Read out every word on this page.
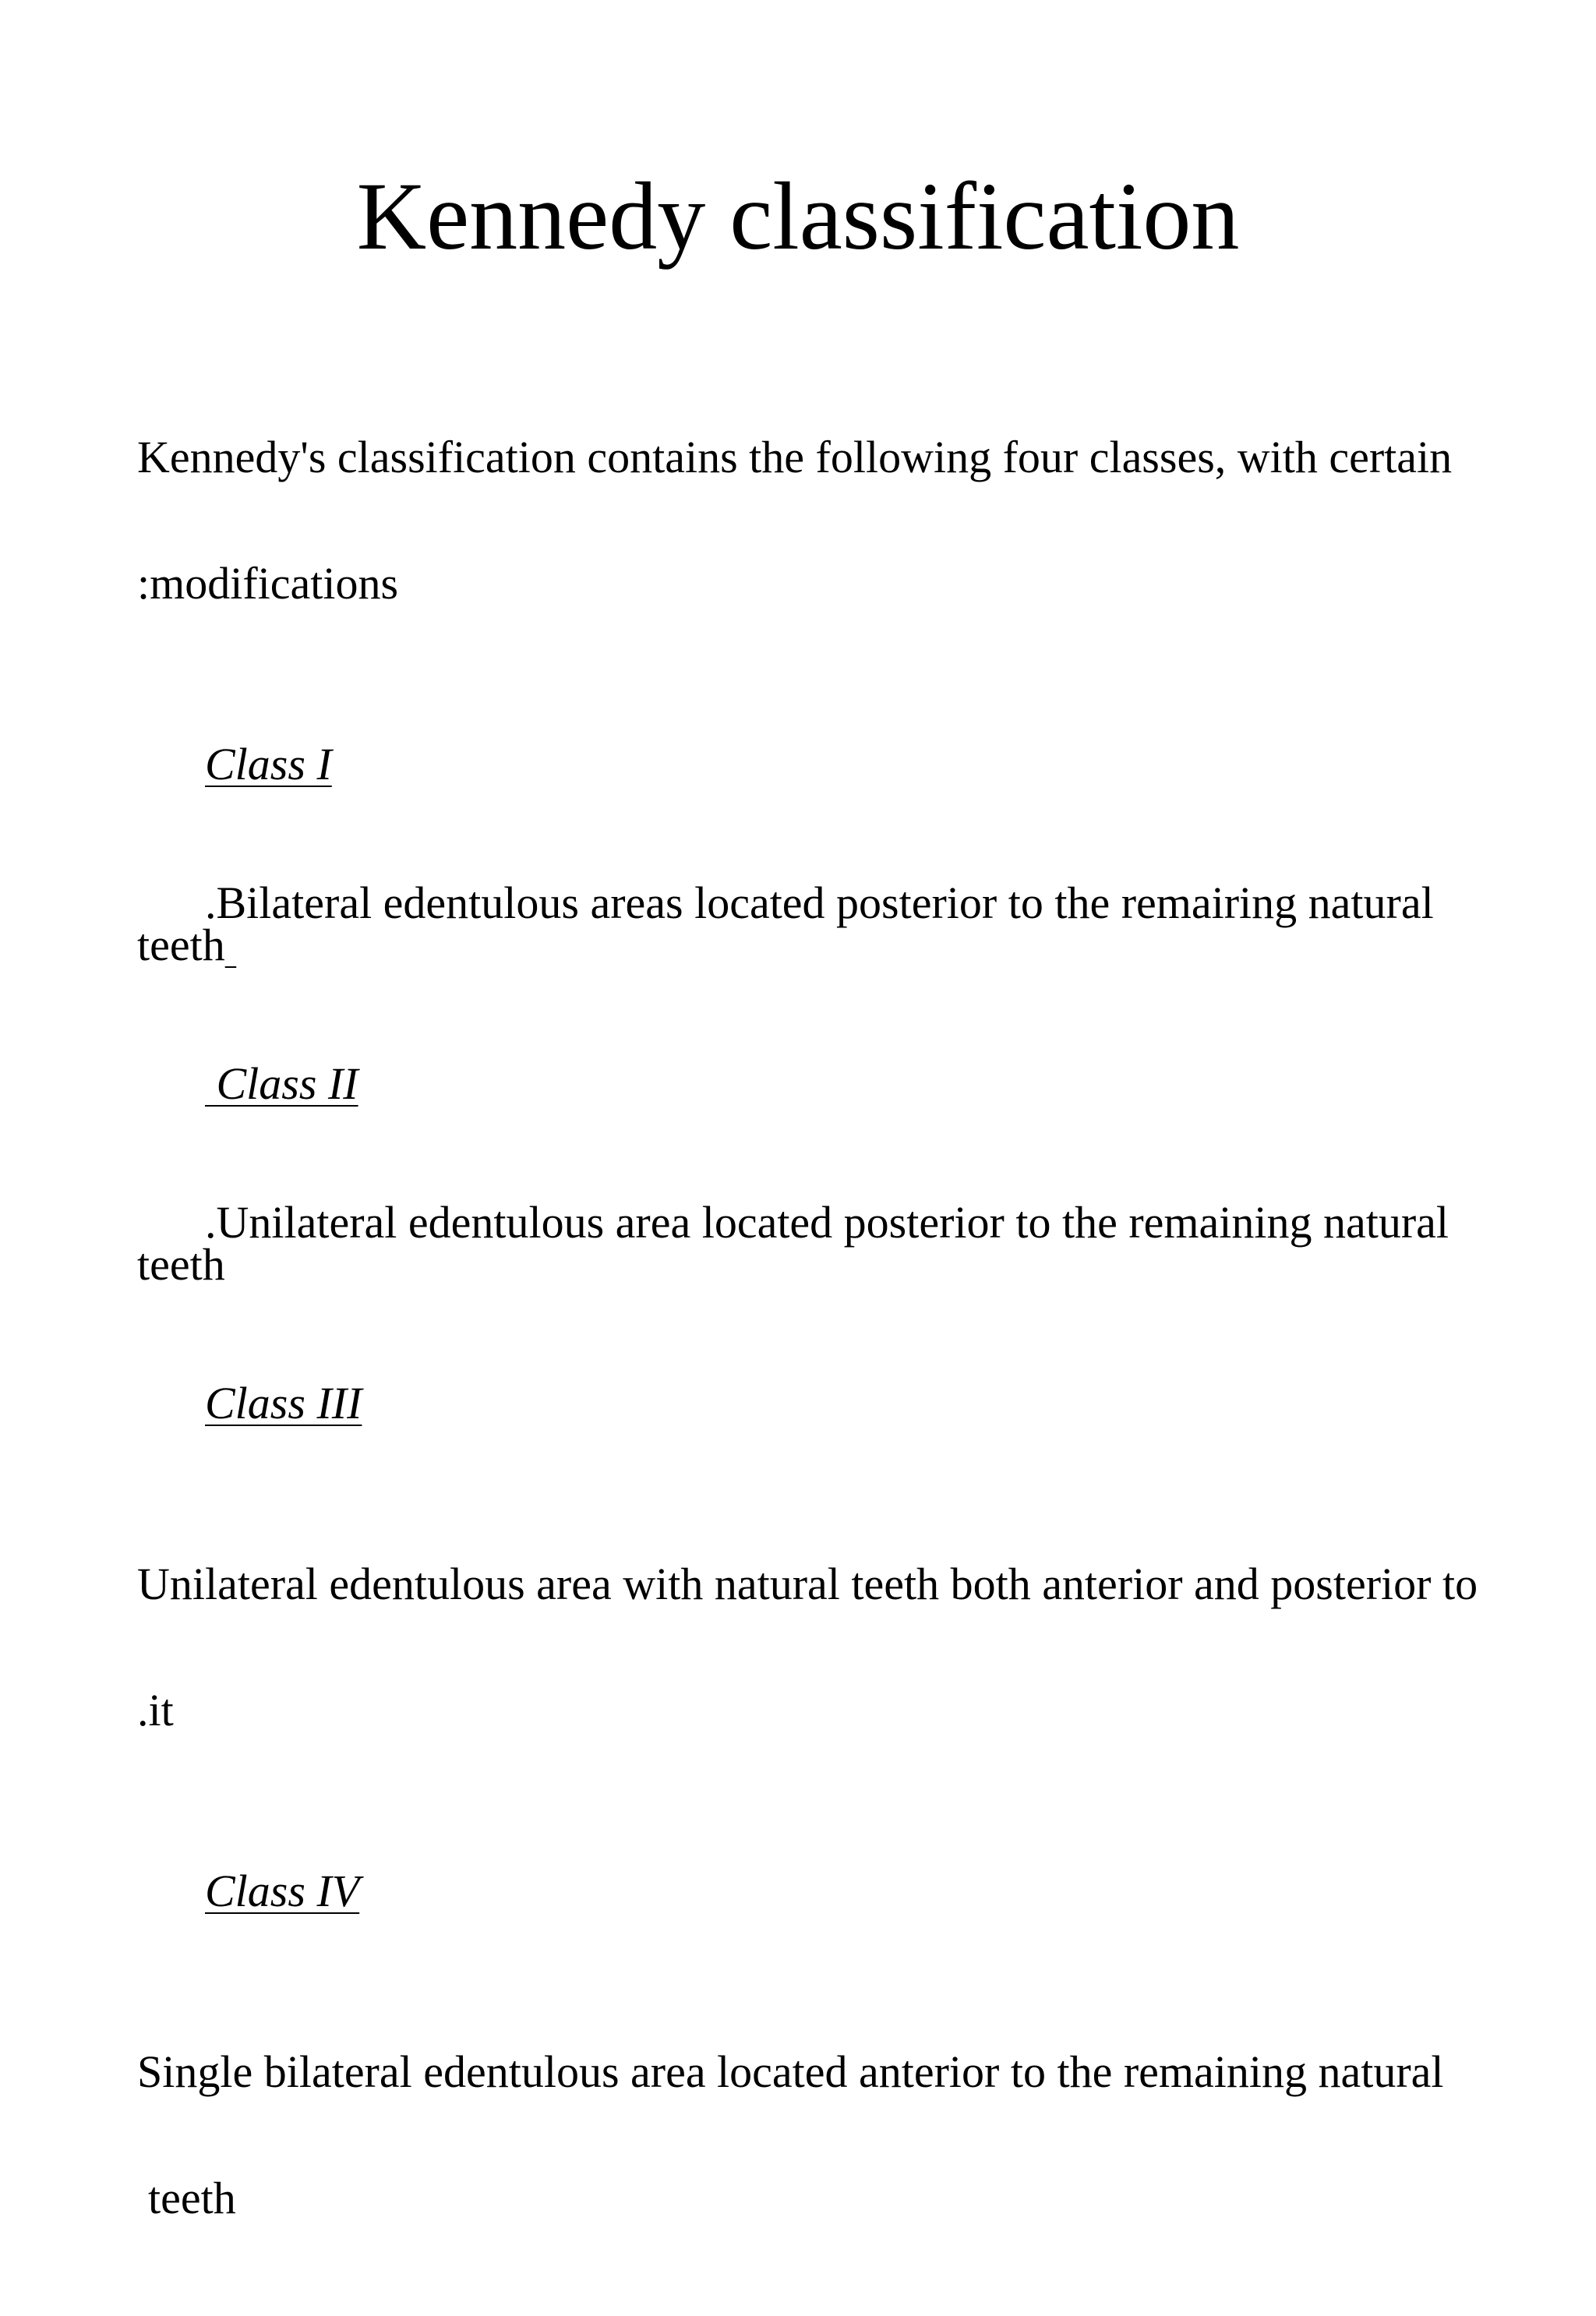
Kennedy classification

Kennedy's classification contains the following four classes, with certain

:modifications

Class I

.Bilateral edentulous areas located posterior to the remairing natural teeth

Class II

.Unilateral edentulous area located posterior to the remaining natural teeth

Class III

Unilateral edentulous area with natural teeth both anterior and posterior to

.it

Class IV

Single bilateral edentulous area located anterior to the remaining natural

teeth
